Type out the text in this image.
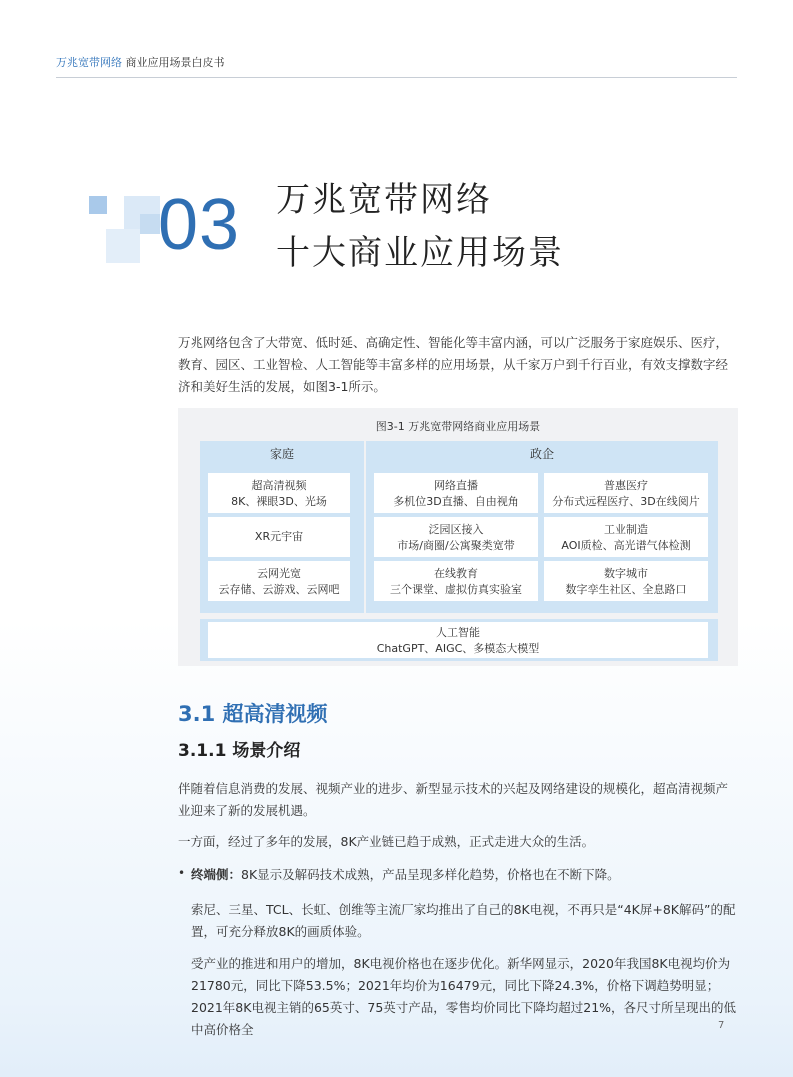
万兆宽带网络 商业应用场景白皮书
03 万兆宽带网络
十大商业应用场景
万兆网络包含了大带宽、低时延、高确定性、智能化等丰富内涵，可以广泛服务于家庭娱乐、医疗，教育、园区、工业智检、人工智能等丰富多样的应用场景，从千家万户到千行百业，有效支撑数字经济和美好生活的发展，如图3-1所示。
图3-1 万兆宽带网络商业应用场景
家庭
超高清视频
8K、裸眼3D、光场
XR元宇宙
云网光宽
云存储、云游戏、云网吧
政企
网络直播
多机位3D直播、自由视角
普惠医疗
分布式远程医疗、3D在线阅片
泛园区接入
市场/商圈/公寓聚类宽带
工业制造
AOI质检、高光谱气体检测
在线教育
三个课堂、虚拟仿真实验室
数字城市
数字孪生社区、全息路口
人工智能
ChatGPT、AIGC、多模态大模型
3.1 超高清视频
3.1.1 场景介绍
伴随着信息消费的发展、视频产业的进步、新型显示技术的兴起及网络建设的规模化，超高清视频产业迎来了新的发展机遇。
一方面，经过了多年的发展，8K产业链已趋于成熟，正式走进大众的生活。
• 终端侧：8K显示及解码技术成熟，产品呈现多样化趋势，价格也在不断下降。
索尼、三星、TCL、长虹、创维等主流厂家均推出了自己的8K电视，不再只是“4K屏+8K解码”的配置，可充分释放8K的画质体验。
受产业的推进和用户的增加，8K电视价格也在逐步优化。新华网显示，2020年我国8K电视均价为21780元，同比下降53.5%；2021年均价为16479元，同比下降24.3%，价格下调趋势明显；2021年8K电视主销的65英寸、75英寸产品，零售均价同比下降均超过21%，各尺寸所呈现出的低中高价格全	7
